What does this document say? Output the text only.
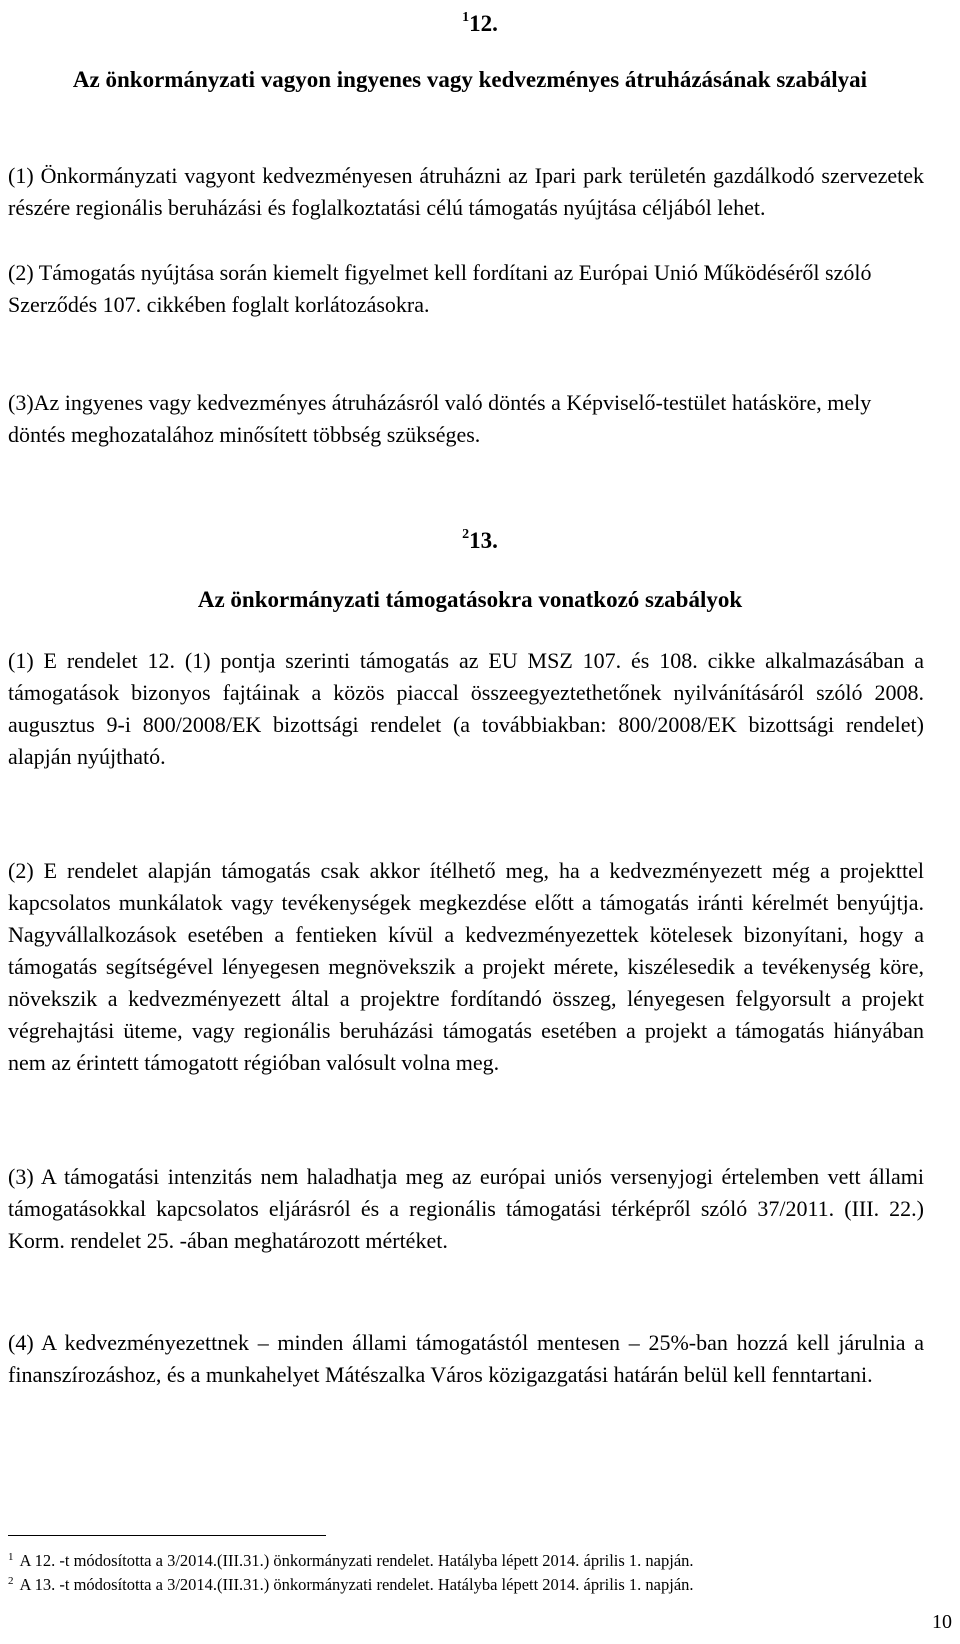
$^1$12.
Az önkormányzati vagyon ingyenes vagy kedvezményes átruházásának szabályai

(1) Önkormányzati vagyont kedvezményesen átruházni az Ipari park területén gazdálkodó szervezetek részére regionális beruházási és foglalkoztatási célú támogatás nyújtása céljából lehet.

(2) Támogatás nyújtása során kiemelt figyelmet kell fordítani az Európai Unió Működéséről szóló Szerződés 107. cikkében foglalt korlátozásokra.

(3)Az ingyenes vagy kedvezményes átruházásról való döntés a Képviselő-testület hatásköre, mely döntés meghozatalához minősített többség szükséges.

$^2$13.
Az önkormányzati támogatásokra vonatkozó szabályok

(1) E rendelet 12. (1) pontja szerinti támogatás az EU MSZ 107. és 108. cikke alkalmazásában a támogatások bizonyos fajtáinak a közös piaccal összeegyeztethetőnek nyilvánításáról szóló 2008. augusztus 9-i 800/2008/EK bizottsági rendelet (a továbbiakban: 800/2008/EK bizottsági rendelet) alapján nyújtható.

(2) E rendelet alapján támogatás csak akkor ítélhető meg, ha a kedvezményezett még a projekttel kapcsolatos munkálatok vagy tevékenységek megkezdése előtt a támogatás iránti kérelmét benyújtja. Nagyvállalkozások esetében a fentieken kívül a kedvezményezettek kötelesek bizonyítani, hogy a támogatás segítségével lényegesen megnövekszik a projekt mérete, kiszélesedik a tevékenység köre, növekszik a kedvezményezett által a projektre fordítandó összeg, lényegesen felgyorsult a projekt végrehajtási üteme, vagy regionális beruházási támogatás esetében a projekt a támogatás hiányában nem az érintett támogatott régióban valósult volna meg.

(3) A támogatási intenzitás nem haladhatja meg az európai uniós versenyjogi értelemben vett állami támogatásokkal kapcsolatos eljárásról és a regionális támogatási térképről szóló 37/2011. (III. 22.) Korm. rendelet 25. -ában meghatározott mértéket.

(4) A kedvezményezettnek – minden állami támogatástól mentesen – 25%-ban hozzá kell járulnia a finanszírozáshoz, és a munkahelyet Mátészalka Város közigazgatási határán belül kell fenntartani.

$^1$ A 12. -t módosította a 3/2014.(III.31.) önkormányzati rendelet. Hatályba lépett 2014. április 1. napján.
$^2$ A 13. -t módosította a 3/2014.(III.31.) önkormányzati rendelet. Hatályba lépett 2014. április 1. napján.
10
